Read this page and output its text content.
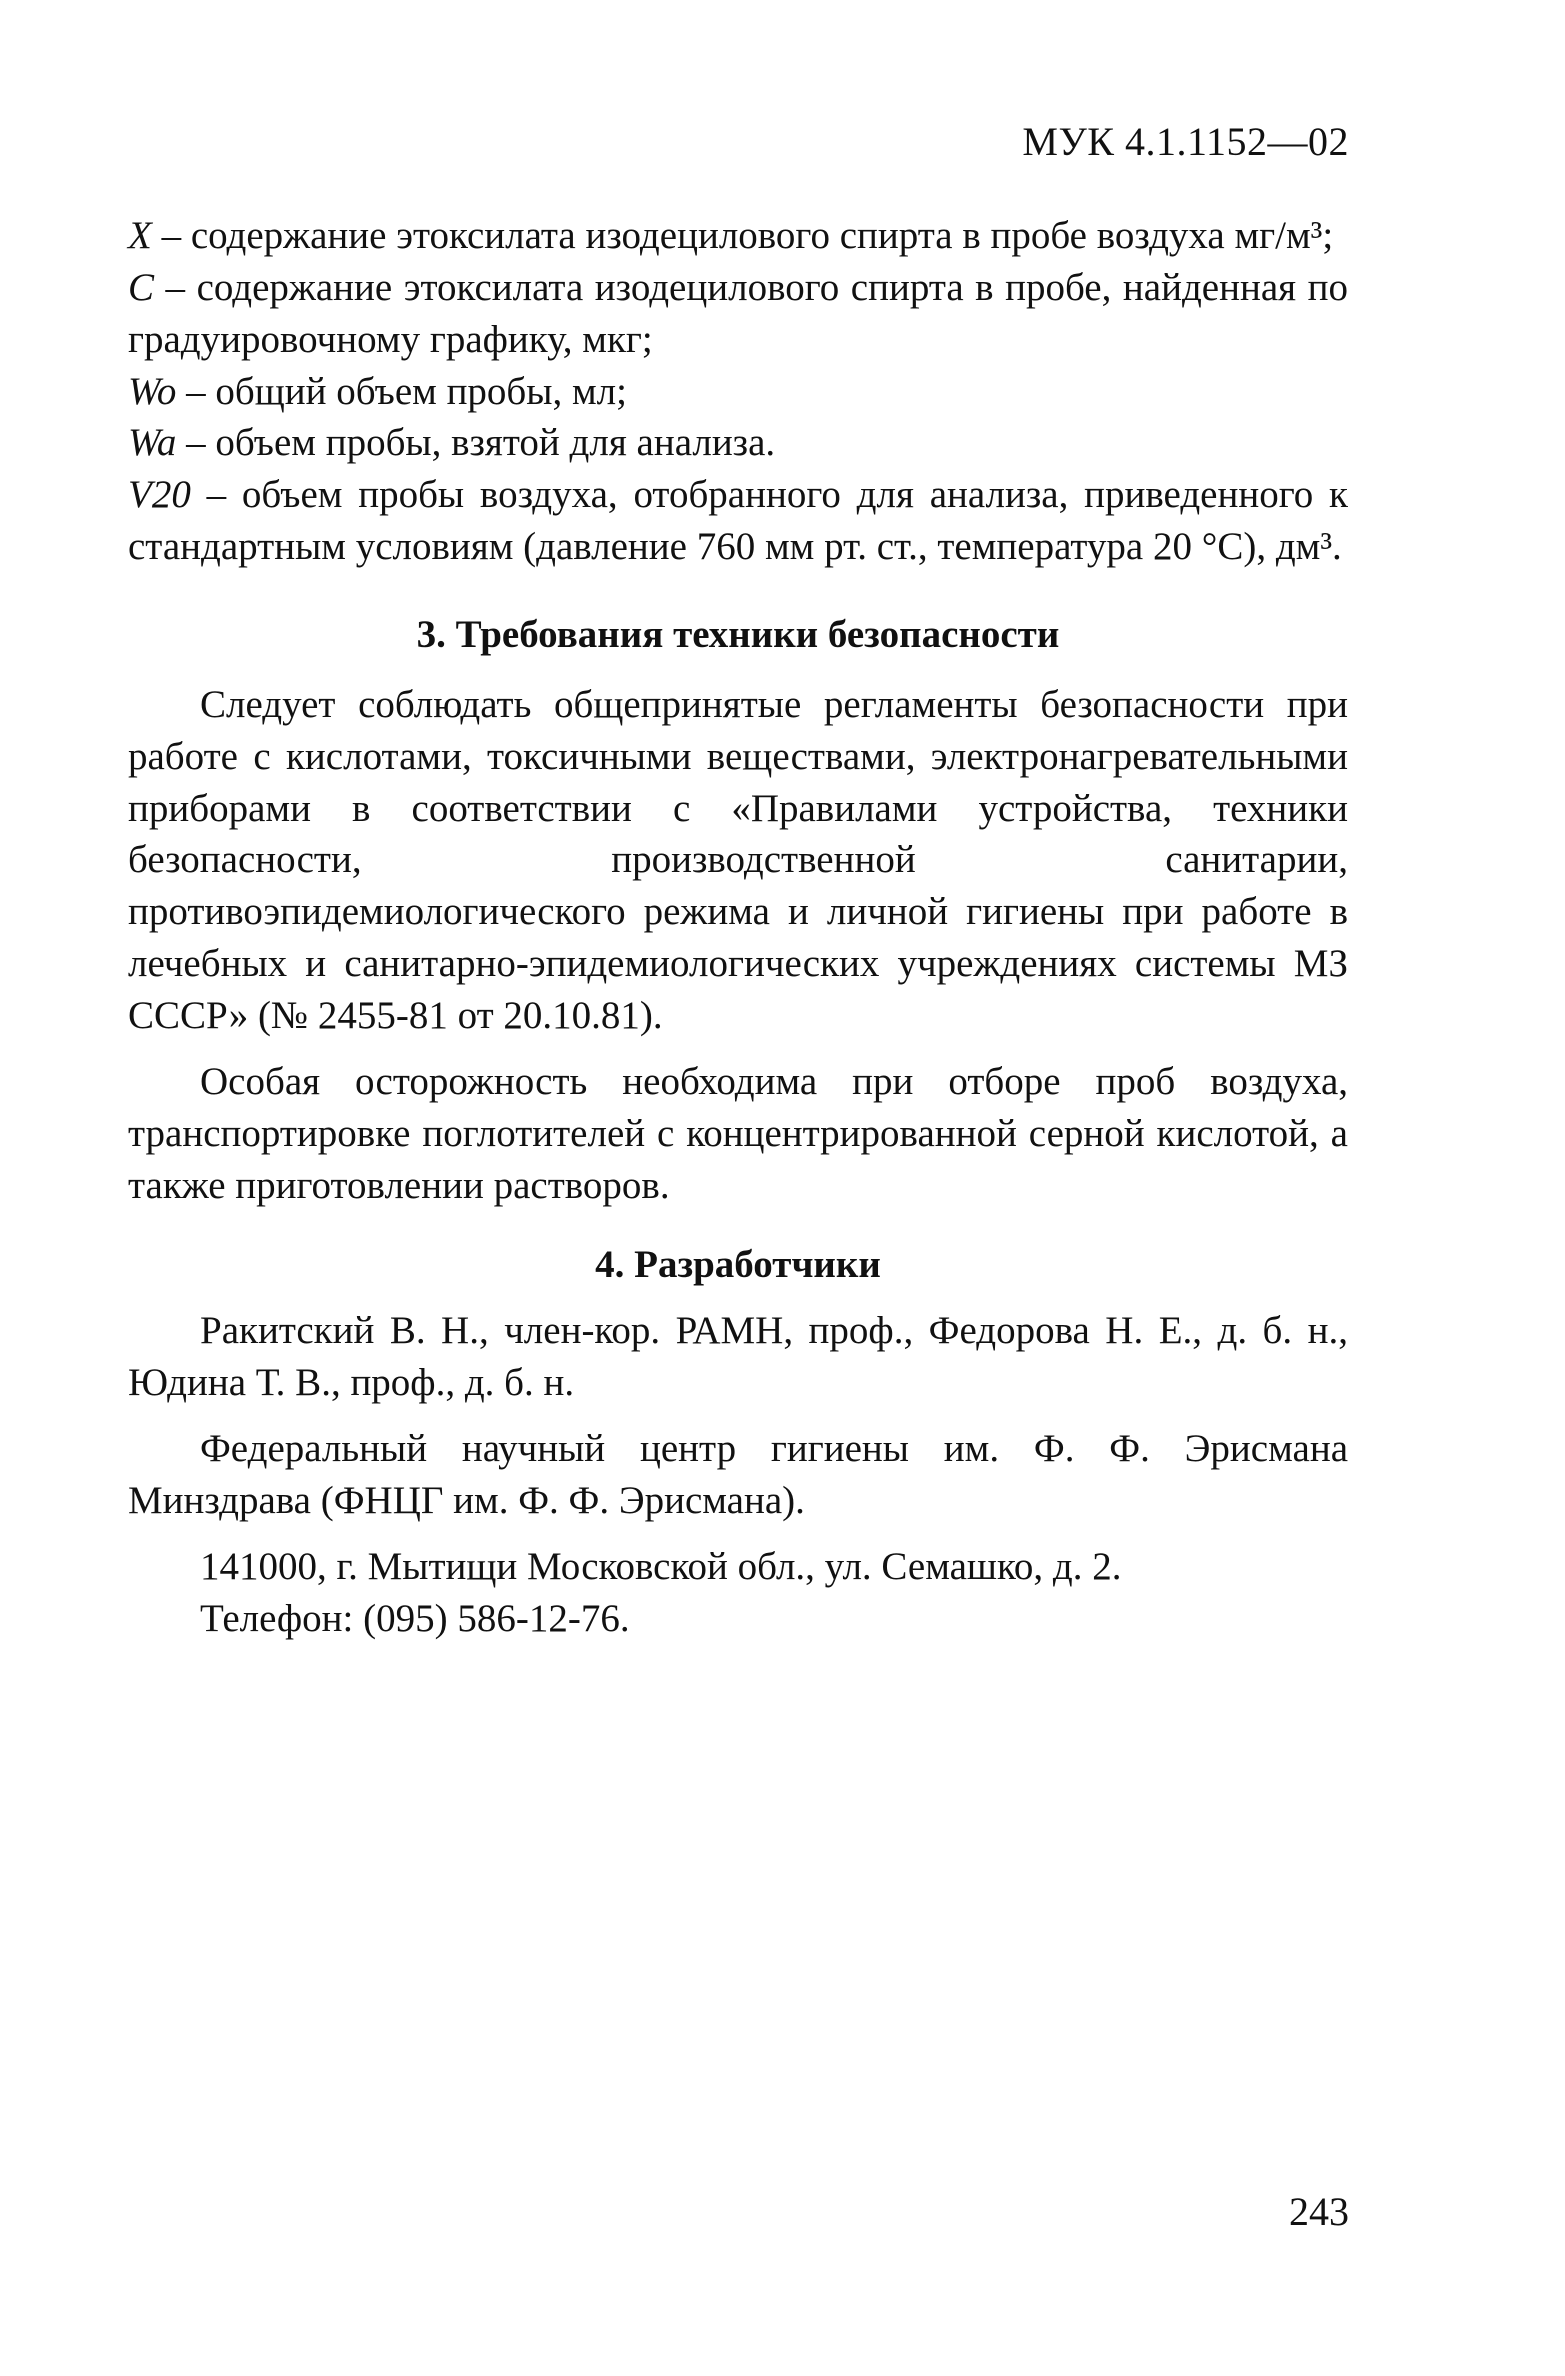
МУК 4.1.1152—02

X – содержание этоксилата изодецилового спирта в пробе воздуха мг/м³;

C – содержание этоксилата изодецилового спирта в пробе, найденная по градуировочному графику, мкг;

Wo – общий объем пробы, мл;

Wa – объем пробы, взятой для анализа.

V20 – объем пробы воздуха, отобранного для анализа, приведенного к стандартным условиям (давление 760 мм рт. ст., температура 20 °С), дм³.

3. Требования техники безопасности

Следует соблюдать общепринятые регламенты безопасности при работе с кислотами, токсичными веществами, электронагревательными приборами в соответствии с «Правилами устройства, техники безопасности, производственной санитарии, противоэпидемиологического режима и личной гигиены при работе в лечебных и санитарно-эпидемиологических учреждениях системы МЗ СССР» (№ 2455-81 от 20.10.81).

Особая осторожность необходима при отборе проб воздуха, транспортировке поглотителей с концентрированной серной кислотой, а также приготовлении растворов.

4. Разработчики

Ракитский В. Н., член-кор. РАМН, проф., Федорова Н. Е., д. б. н., Юдина Т. В., проф., д. б. н.

Федеральный научный центр гигиены им. Ф. Ф. Эрисмана Минздрава (ФНЦГ им. Ф. Ф. Эрисмана).

141000, г. Мытищи Московской обл., ул. Семашко, д. 2.

Телефон: (095) 586-12-76.

243
